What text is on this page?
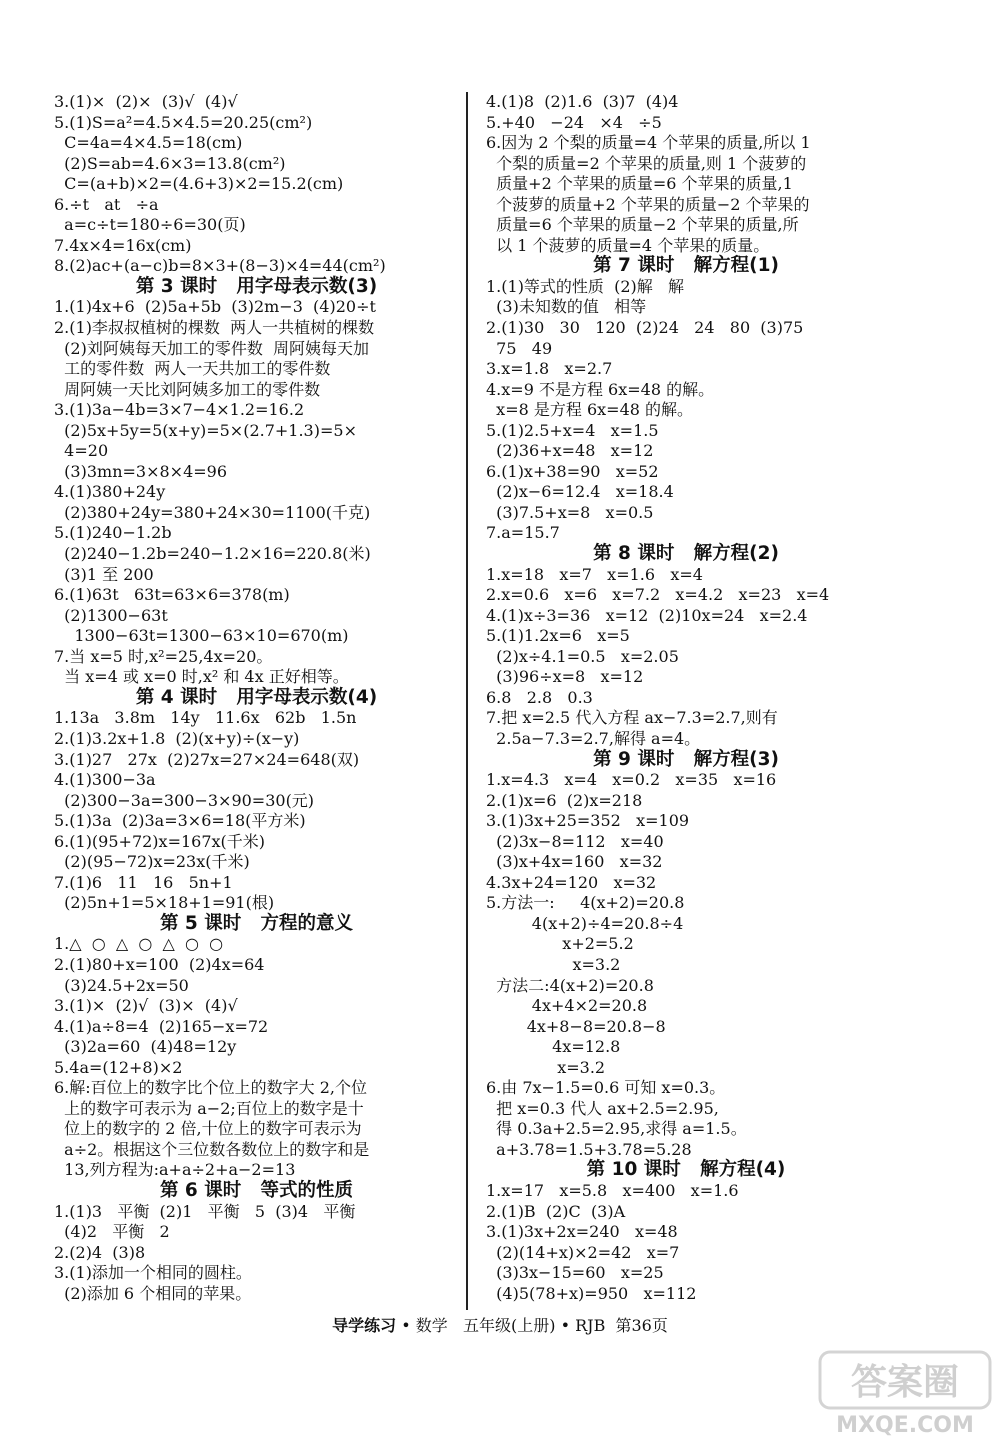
3.(1)×  (2)×  (3)√  (4)√
5.(1)S=a²=4.5×4.5=20.25(cm²)
C=4a=4×4.5=18(cm)
(2)S=ab=4.6×3=13.8(cm²)
C=(a+b)×2=(4.6+3)×2=15.2(cm)
6.÷t   at   ÷a
a=c÷t=180÷6=30(页)
7.4x×4=16x(cm)
8.(2)ac+(a−c)b=8×3+(8−3)×4=44(cm²)
第 3 课时   用字母表示数(3)
1.(1)4x+6  (2)5a+5b  (3)2m−3  (4)20÷t
2.(1)李叔叔植树的棵数  两人一共植树的棵数
(2)刘阿姨每天加工的零件数  周阿姨每天加
工的零件数  两人一天共加工的零件数
周阿姨一天比刘阿姨多加工的零件数
3.(1)3a−4b=3×7−4×1.2=16.2
(2)5x+5y=5(x+y)=5×(2.7+1.3)=5×
4=20
(3)3mn=3×8×4=96
4.(1)380+24y
(2)380+24y=380+24×30=1100(千克)
5.(1)240−1.2b
(2)240−1.2b=240−1.2×16=220.8(米)
(3)1 至 200
6.(1)63t   63t=63×6=378(m)
(2)1300−63t
1300−63t=1300−63×10=670(m)
7.当 x=5 时,x²=25,4x=20。
当 x=4 或 x=0 时,x² 和 4x 正好相等。
第 4 课时   用字母表示数(4)
1.13a   3.8m   14y   11.6x   62b   1.5n
2.(1)3.2x+1.8  (2)(x+y)÷(x−y)
3.(1)27   27x  (2)27x=27×24=648(双)
4.(1)300−3a
(2)300−3a=300−3×90=30(元)
5.(1)3a  (2)3a=3×6=18(平方米)
6.(1)(95+72)x=167x(千米)
(2)(95−72)x=23x(千米)
7.(1)6   11   16   5n+1
(2)5n+1=5×18+1=91(根)
第 5 课时   方程的意义
1.△  ○  △  ○  △  ○  ○
2.(1)80+x=100  (2)4x=64
(3)24.5+2x=50
3.(1)×  (2)√  (3)×  (4)√
4.(1)a÷8=4  (2)165−x=72
(3)2a=60  (4)48=12y
5.4a=(12+8)×2
6.解:百位上的数字比个位上的数字大 2,个位
上的数字可表示为 a−2;百位上的数字是十
位上的数字的 2 倍,十位上的数字可表示为
a÷2。根据这个三位数各数位上的数字和是
13,列方程为:a+a÷2+a−2=13
第 6 课时   等式的性质
1.(1)3   平衡  (2)1   平衡   5  (3)4   平衡
(4)2   平衡   2
2.(2)4  (3)8
3.(1)添加一个相同的圆柱。
(2)添加 6 个相同的苹果。
4.(1)8  (2)1.6  (3)7  (4)4
5.+40   −24   ×4   ÷5
6.因为 2 个梨的质量=4 个苹果的质量,所以 1
个梨的质量=2 个苹果的质量,则 1 个菠萝的
质量+2 个苹果的质量=6 个苹果的质量,1
个菠萝的质量+2 个苹果的质量−2 个苹果的
质量=6 个苹果的质量−2 个苹果的质量,所
以 1 个菠萝的质量=4 个苹果的质量。
第 7 课时   解方程(1)
1.(1)等式的性质  (2)解   解
(3)未知数的值   相等
2.(1)30   30   120  (2)24   24   80  (3)75
75   49
3.x=1.8   x=2.7
4.x=9 不是方程 6x=48 的解。
x=8 是方程 6x=48 的解。
5.(1)2.5+x=4   x=1.5
(2)36+x=48   x=12
6.(1)x+38=90   x=52
(2)x−6=12.4   x=18.4
(3)7.5+x=8   x=0.5
7.a=15.7
第 8 课时   解方程(2)
1.x=18   x=7   x=1.6   x=4
2.x=0.6   x=6   x=7.2   x=4.2   x=23   x=4
4.(1)x÷3=36   x=12  (2)10x=24   x=2.4
5.(1)1.2x=6   x=5
(2)x÷4.1=0.5   x=2.05
(3)96÷x=8   x=12
6.8   2.8   0.3
7.把 x=2.5 代入方程 ax−7.3=2.7,则有
2.5a−7.3=2.7,解得 a=4。
第 9 课时   解方程(3)
1.x=4.3   x=4   x=0.2   x=35   x=16
2.(1)x=6  (2)x=218
3.(1)3x+25=352   x=109
(2)3x−8=112   x=40
(3)x+4x=160   x=32
4.3x+24=120   x=32
5.方法一:     4(x+2)=20.8
4(x+2)÷4=20.8÷4
x+2=5.2
x=3.2
方法二:4(x+2)=20.8
4x+4×2=20.8
4x+8−8=20.8−8
4x=12.8
x=3.2
6.由 7x−1.5=0.6 可知 x=0.3。
把 x=0.3 代人 ax+2.5=2.95,
得 0.3a+2.5=2.95,求得 a=1.5。
a+3.78=1.5+3.78=5.28
第 10 课时   解方程(4)
1.x=17   x=5.8   x=400   x=1.6
2.(1)B  (2)C  (3)A
3.(1)3x+2x=240   x=48
(2)(14+x)×2=42   x=7
(3)3x−15=60   x=25
(4)5(78+x)=950   x=112
导学练习 • 数学   五年级(上册) • RJB  第36页
答案圈
MXQE.COM
